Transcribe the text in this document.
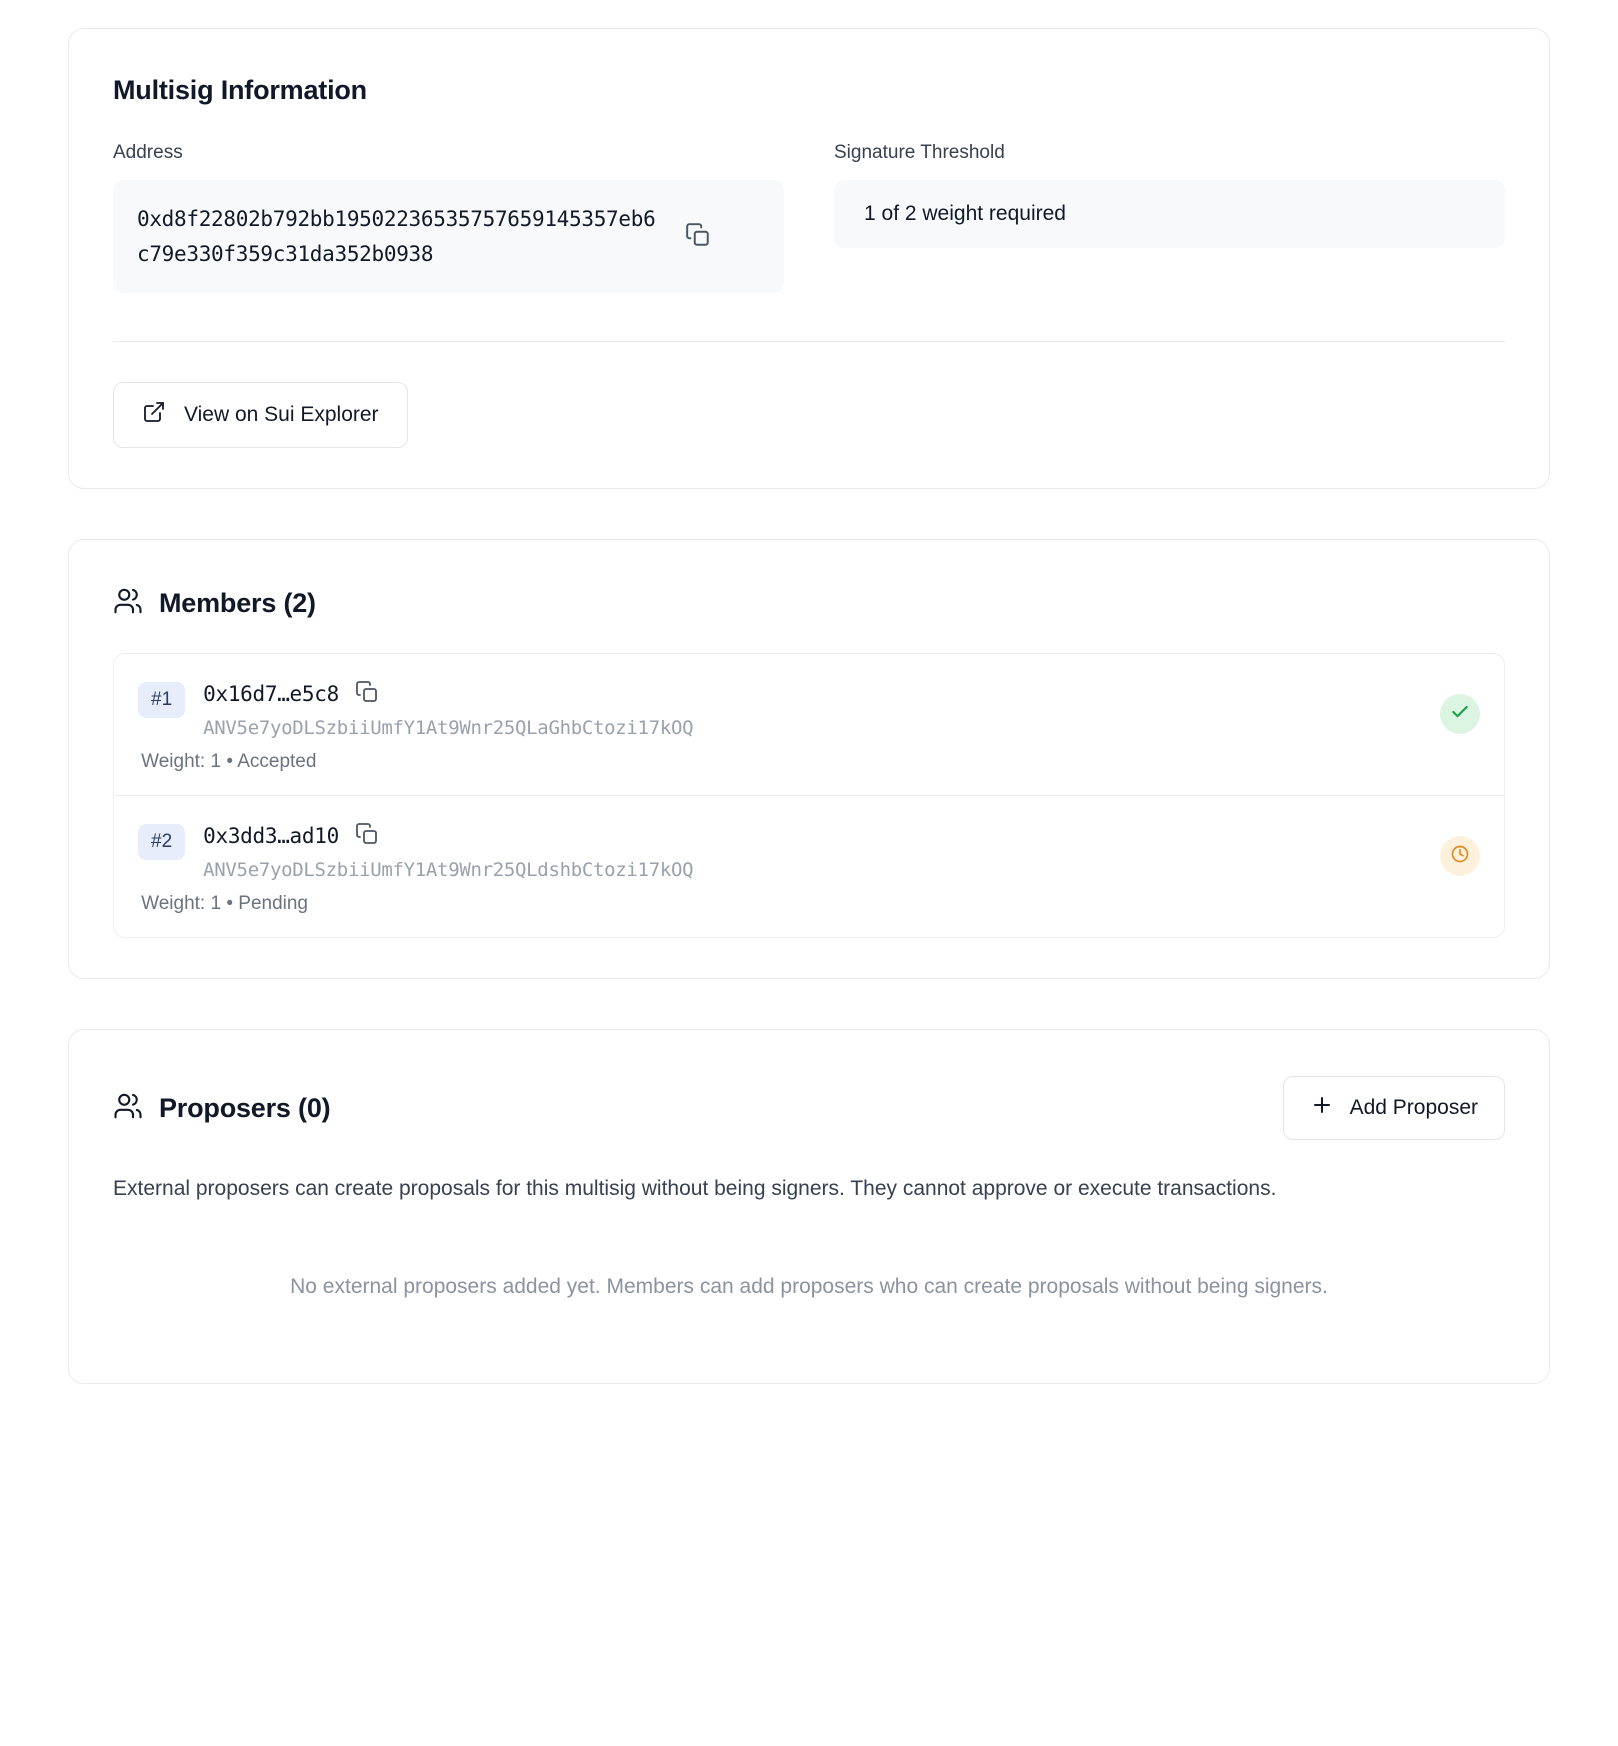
Multisig Information
Address
0xd8f22802b792bb19502236535757659145357eb6c79e330f359c31da352b0938
Signature Threshold
1 of 2 weight required
View on Sui Explorer
Members (2)
#1	0x16d7…e5c8
ANV5e7yoDLSzbiiUmfY1At9Wnr25QLaGhbCtozi17kOQ
Weight: 1 • Accepted
#2	0x3dd3…ad10
ANV5e7yoDLSzbiiUmfY1At9Wnr25QLdshbCtozi17kOQ
Weight: 1 • Pending
Proposers (0)	Add Proposer

External proposers can create proposals for this multisig without being signers. They cannot approve or execute transactions.

No external proposers added yet. Members can add proposers who can create proposals without being signers.
